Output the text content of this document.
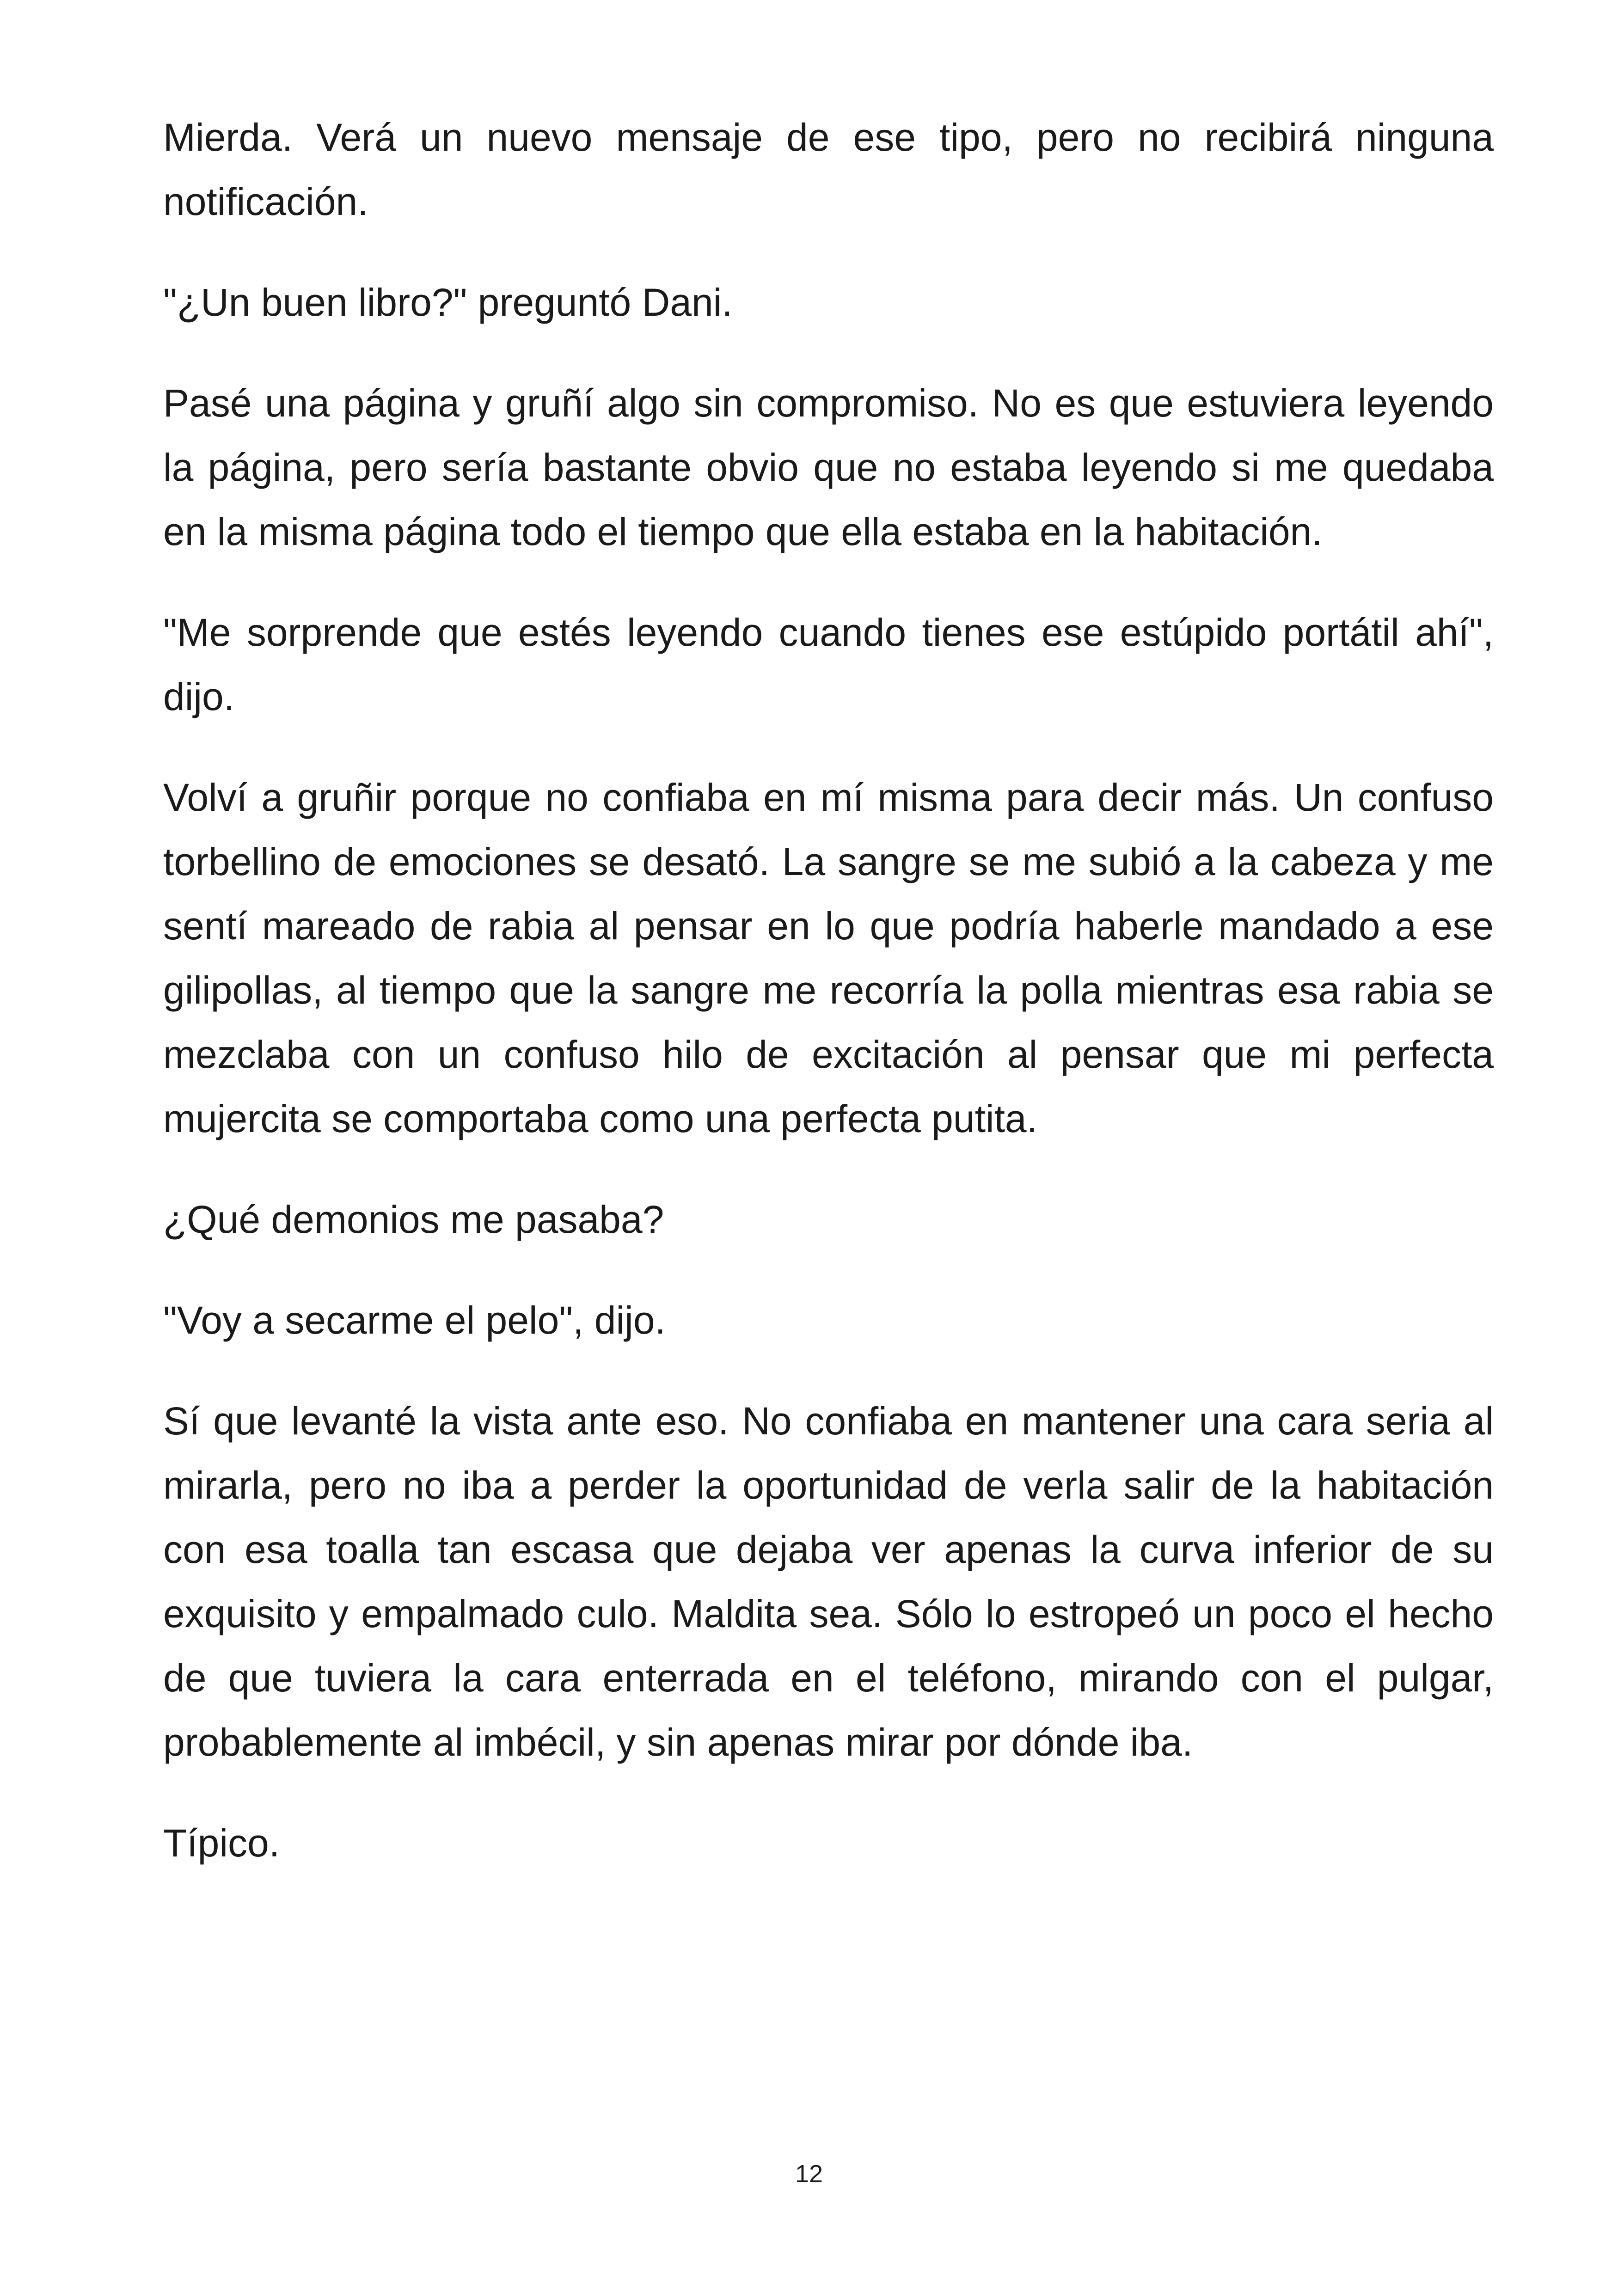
Mierda. Verá un nuevo mensaje de ese tipo, pero no recibirá ninguna notificación.

"¿Un buen libro?" preguntó Dani.

Pasé una página y gruñí algo sin compromiso. No es que estuviera leyendo la página, pero sería bastante obvio que no estaba leyendo si me quedaba en la misma página todo el tiempo que ella estaba en la habitación.

"Me sorprende que estés leyendo cuando tienes ese estúpido portátil ahí", dijo.

Volví a gruñir porque no confiaba en mí misma para decir más. Un confuso torbellino de emociones se desató. La sangre se me subió a la cabeza y me sentí mareado de rabia al pensar en lo que podría haberle mandado a ese gilipollas, al tiempo que la sangre me recorría la polla mientras esa rabia se mezclaba con un confuso hilo de excitación al pensar que mi perfecta mujercita se comportaba como una perfecta putita.

¿Qué demonios me pasaba?

"Voy a secarme el pelo", dijo.

Sí que levanté la vista ante eso. No confiaba en mantener una cara seria al mirarla, pero no iba a perder la oportunidad de verla salir de la habitación con esa toalla tan escasa que dejaba ver apenas la curva inferior de su exquisito y empalmado culo. Maldita sea. Sólo lo estropeó un poco el hecho de que tuviera la cara enterrada en el teléfono, mirando con el pulgar, probablemente al imbécil, y sin apenas mirar por dónde iba.

Típico.

12
